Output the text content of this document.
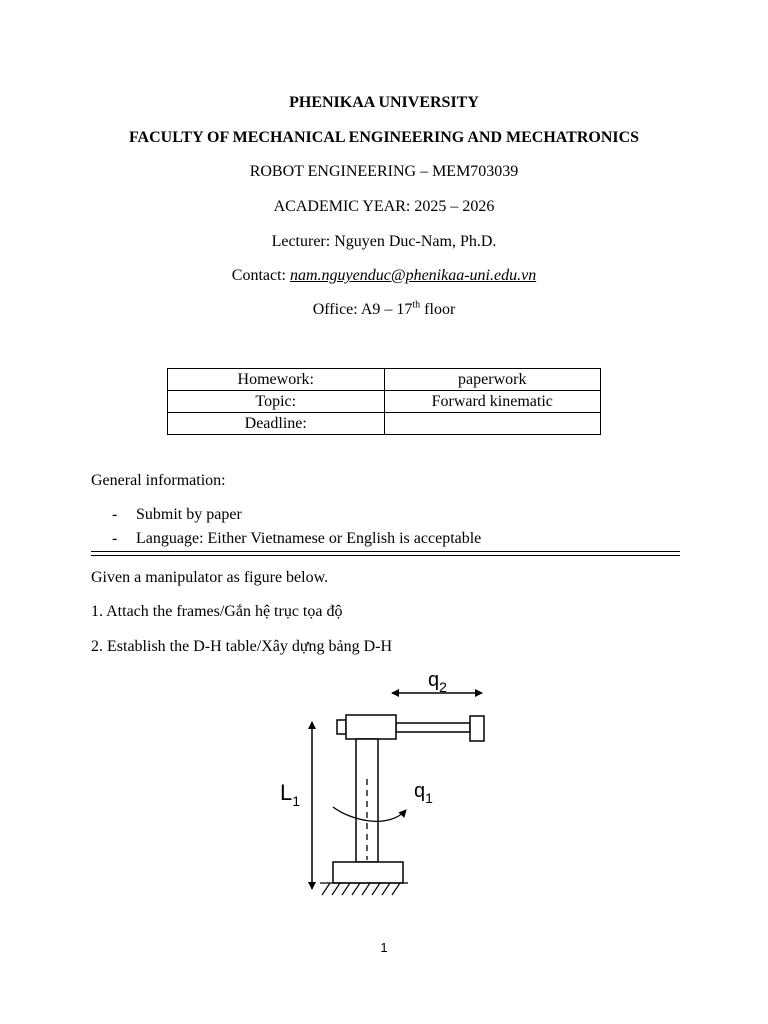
PHENIKAA UNIVERSITY
FACULTY OF MECHANICAL ENGINEERING AND MECHATRONICS
ROBOT ENGINEERING – MEM703039
ACADEMIC YEAR: 2025 – 2026
Lecturer: Nguyen Duc-Nam, Ph.D.
Contact: nam.nguyenduc@phenikaa-uni.edu.vn
Office: A9 – 17th floor
Homework:	paperwork
Topic:	Forward kinematic
Deadline:	
General information:
- Submit by paper
- Language: Either Vietnamese or English is acceptable
Given a manipulator as figure below.
1. Attach the frames/Gắn hệ trục tọa độ
2. Establish the D-H table/Xây dựng bảng D-H
$q_2$
$L_1$	$q_1$
1
